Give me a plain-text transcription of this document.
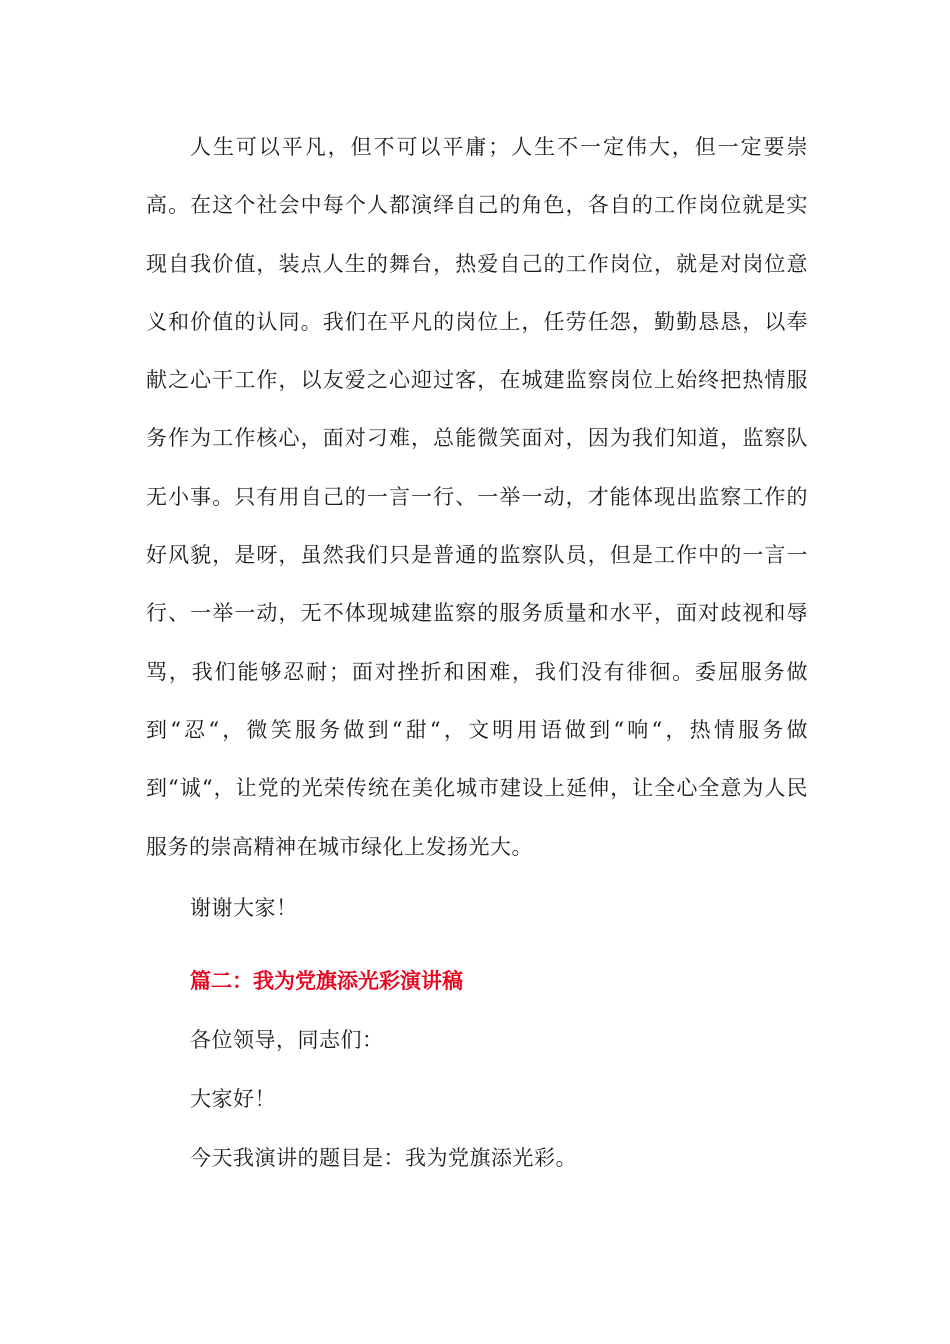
人生可以平凡，但不可以平庸；人生不一定伟大，但一定要崇高。在这个社会中每个人都演绎自己的角色，各自的工作岗位就是实现自我价值，装点人生的舞台，热爱自己的工作岗位，就是对岗位意义和价值的认同。我们在平凡的岗位上，任劳任怨，勤勤恳恳，以奉献之心干工作，以友爱之心迎过客，在城建监察岗位上始终把热情服务作为工作核心，面对刁难，总能微笑面对，因为我们知道，监察队无小事。只有用自己的一言一行、一举一动，才能体现出监察工作的好风貌，是呀，虽然我们只是普通的监察队员，但是工作中的一言一行、一举一动，无不体现城建监察的服务质量和水平，面对歧视和辱骂，我们能够忍耐；面对挫折和困难，我们没有徘徊。委屈服务做到“忍“，微笑服务做到“甜“，文明用语做到“响“，热情服务做到“诚“，让党的光荣传统在美化城市建设上延伸，让全心全意为人民服务的崇高精神在城市绿化上发扬光大。

谢谢大家！

篇二：我为党旗添光彩演讲稿

各位领导，同志们：

大家好！

今天我演讲的题目是：我为党旗添光彩。
